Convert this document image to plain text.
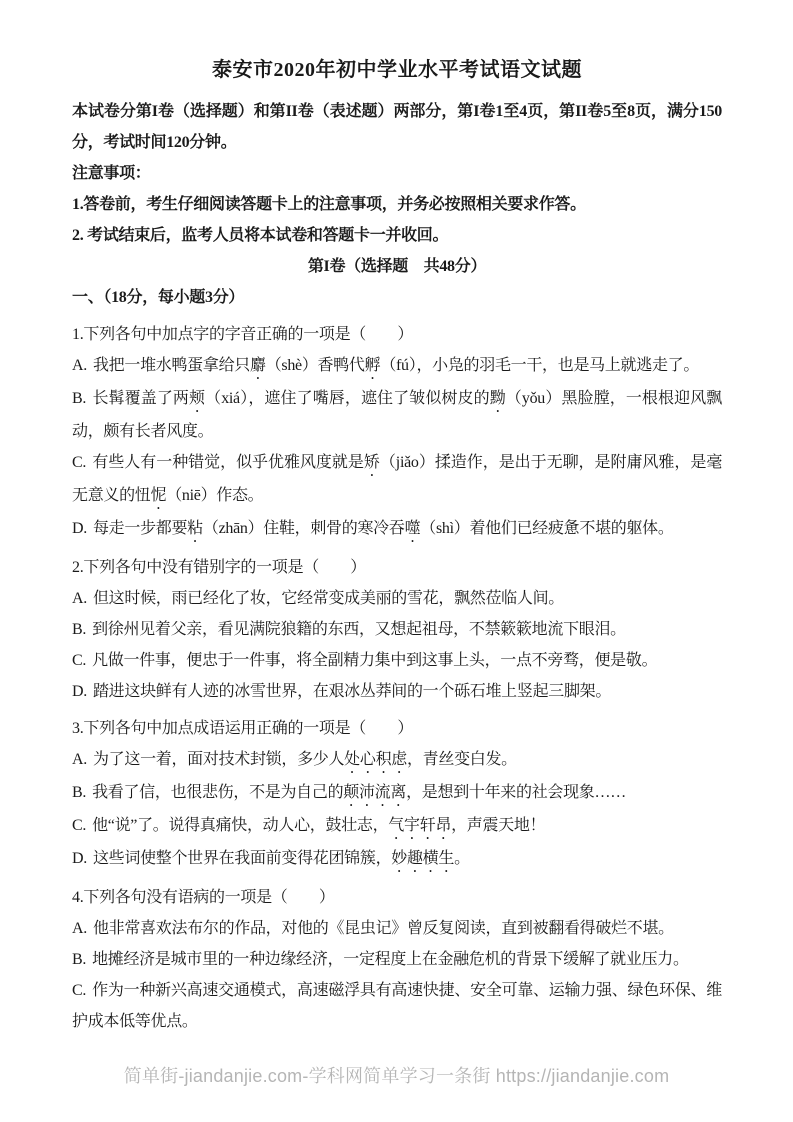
泰安市2020年初中学业水平考试语文试题

本试卷分第I卷（选择题）和第II卷（表述题）两部分，第I卷1至4页，第II卷5至8页，满分150分，考试时间120分钟。

注意事项：

1.答卷前，考生仔细阅读答题卡上的注意事项，并务必按照相关要求作答。

2. 考试结束后，监考人员将本试卷和答题卡一并收回。

第I卷（选择题　共48分）

一、（18分，每小题3分）

1.下列各句中加点字的字音正确的一项是（　　）

A. 我把一堆水鸭蛋拿给只麝（shè）香鸭代孵（fú），小凫的羽毛一干，也是马上就逃走了。

B. 长髯覆盖了两颊（xiá），遮住了嘴唇，遮住了皱似树皮的黝（yǒu）黑脸膛，一根根迎风飘动，颇有长者风度。

C. 有些人有一种错觉，似乎优雅风度就是矫（jiǎo）揉造作，是出于无聊，是附庸风雅，是毫无意义的忸怩（niē）作态。

D. 每走一步都要粘（zhān）住鞋，刺骨的寒冷吞噬（shì）着他们已经疲惫不堪的躯体。

2.下列各句中没有错别字的一项是（　　）

A. 但这时候，雨已经化了妆，它经常变成美丽的雪花，飘然莅临人间。

B. 到徐州见着父亲，看见满院狼籍的东西，又想起祖母，不禁簌簌地流下眼泪。

C. 凡做一件事，便忠于一件事，将全副精力集中到这事上头，一点不旁骛，便是敬。

D. 踏进这块鲜有人迹的冰雪世界，在艰冰丛莽间的一个砾石堆上竖起三脚架。

3.下列各句中加点成语运用正确的一项是（　　）

A. 为了这一着，面对技术封锁，多少人处心积虑，青丝变白发。

B. 我看了信，也很悲伤，不是为自己的颠沛流离，是想到十年来的社会现象……

C. 他“说”了。说得真痛快，动人心，鼓壮志，气宇轩昂，声震天地！

D. 这些词使整个世界在我面前变得花团锦簇，妙趣横生。

4.下列各句没有语病的一项是（　　）

A. 他非常喜欢法布尔的作品，对他的《昆虫记》曾反复阅读，直到被翻看得破烂不堪。

B. 地摊经济是城市里的一种边缘经济，一定程度上在金融危机的背景下缓解了就业压力。

C. 作为一种新兴高速交通模式，高速磁浮具有高速快捷、安全可靠、运输力强、绿色环保、维护成本低等优点。

简单街-jiandanjie.com-学科网简单学习一条街 https://jiandanjie.com
